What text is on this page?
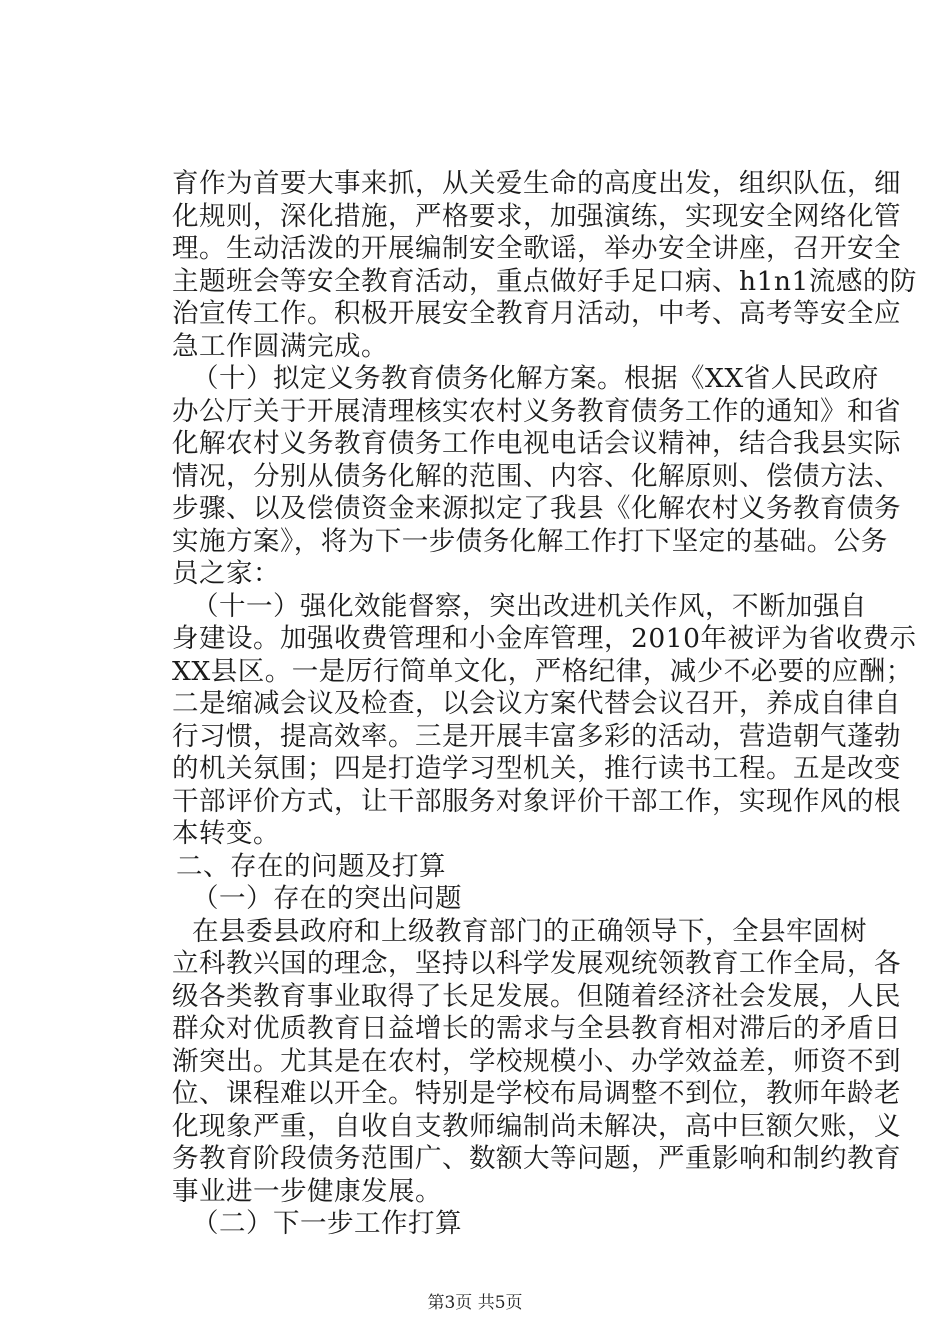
育作为首要大事来抓，从关爱生命的高度出发，组织队伍，细
化规则，深化措施，严格要求，加强演练，实现安全网络化管
理。生动活泼的开展编制安全歌谣，举办安全讲座，召开安全
主题班会等安全教育活动，重点做好手足口病、h1n1流感的防
治宣传工作。积极开展安全教育月活动，中考、高考等安全应
急工作圆满完成。
（十）拟定义务教育债务化解方案。根据《XX省人民政府
办公厅关于开展清理核实农村义务教育债务工作的通知》和省
化解农村义务教育债务工作电视电话会议精神，结合我县实际
情况，分别从债务化解的范围、内容、化解原则、偿债方法、
步骤、以及偿债资金来源拟定了我县《化解农村义务教育债务
实施方案》，将为下一步债务化解工作打下坚定的基础。公务
员之家：
（十一）强化效能督察，突出改进机关作风，不断加强自
身建设。加强收费管理和小金库管理，2010年被评为省收费示
XX县区。一是厉行简单文化，严格纪律，减少不必要的应酬；
二是缩减会议及检查，以会议方案代替会议召开，养成自律自
行习惯，提高效率。三是开展丰富多彩的活动，营造朝气蓬勃
的机关氛围；四是打造学习型机关，推行读书工程。五是改变
干部评价方式，让干部服务对象评价干部工作，实现作风的根
本转变。
二、存在的问题及打算
（一）存在的突出问题
在县委县政府和上级教育部门的正确领导下，全县牢固树
立科教兴国的理念，坚持以科学发展观统领教育工作全局，各
级各类教育事业取得了长足发展。但随着经济社会发展，人民
群众对优质教育日益增长的需求与全县教育相对滞后的矛盾日
渐突出。尤其是在农村，学校规模小、办学效益差，师资不到
位、课程难以开全。特别是学校布局调整不到位，教师年龄老
化现象严重，自收自支教师编制尚未解决，高中巨额欠账，义
务教育阶段债务范围广、数额大等问题，严重影响和制约教育
事业进一步健康发展。
（二）下一步工作打算
第3页 共5页
